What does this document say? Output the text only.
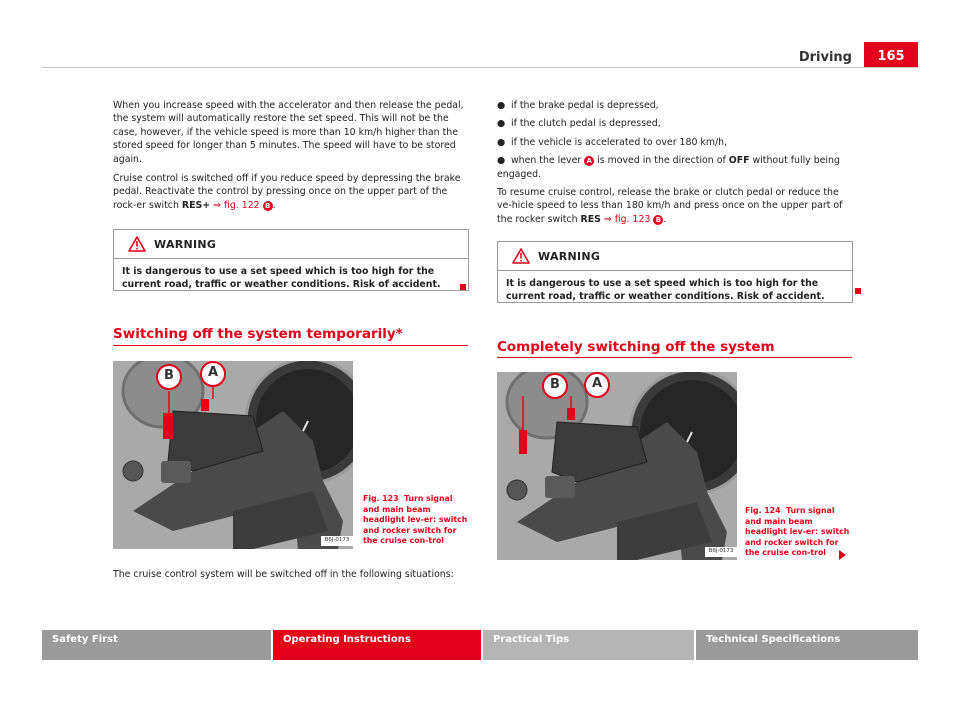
Driving	165

When you increase speed with the accelerator and then release the pedal, the system will automatically restore the set speed. This will not be the case, however, if the vehicle speed is more than 10 km/h higher than the stored speed for longer than 5 minutes. The speed will have to be stored again.

Cruise control is switched off if you reduce speed by depressing the brake pedal. Reactivate the control by pressing once on the upper part of the rock-er switch RES+ ⇒ fig. 122 B .

WARNING
It is dangerous to use a set speed which is too high for the current road, traffic or weather conditions. Risk of accident.
Switching off the system temporarily*
B	A
B6J-0173
Fig. 123 Turn signal and main beam headlight lev-er: switch and rocker switch for the cruise con-trol
The cruise control system will be switched off in the following situations:

● if the brake pedal is depressed,

● if the clutch pedal is depressed,

● if the vehicle is accelerated to over 180 km/h,

● when the lever A is moved in the direction of OFF without fully being engaged.

To resume cruise control, release the brake or clutch pedal or reduce the ve-hicle speed to less than 180 km/h and press once on the upper part of the rocker switch RES ⇒ fig. 123 B .

WARNING
It is dangerous to use a set speed which is too high for the current road, traffic or weather conditions. Risk of accident.
Completely switching off the system
B A
B6J-0173
Fig. 124 Turn signal and main beam headlight lev-er: switch and rocker switch for the cruise con-trol
Safety First	Operating Instructions	Practical Tips	Technical Specifications
